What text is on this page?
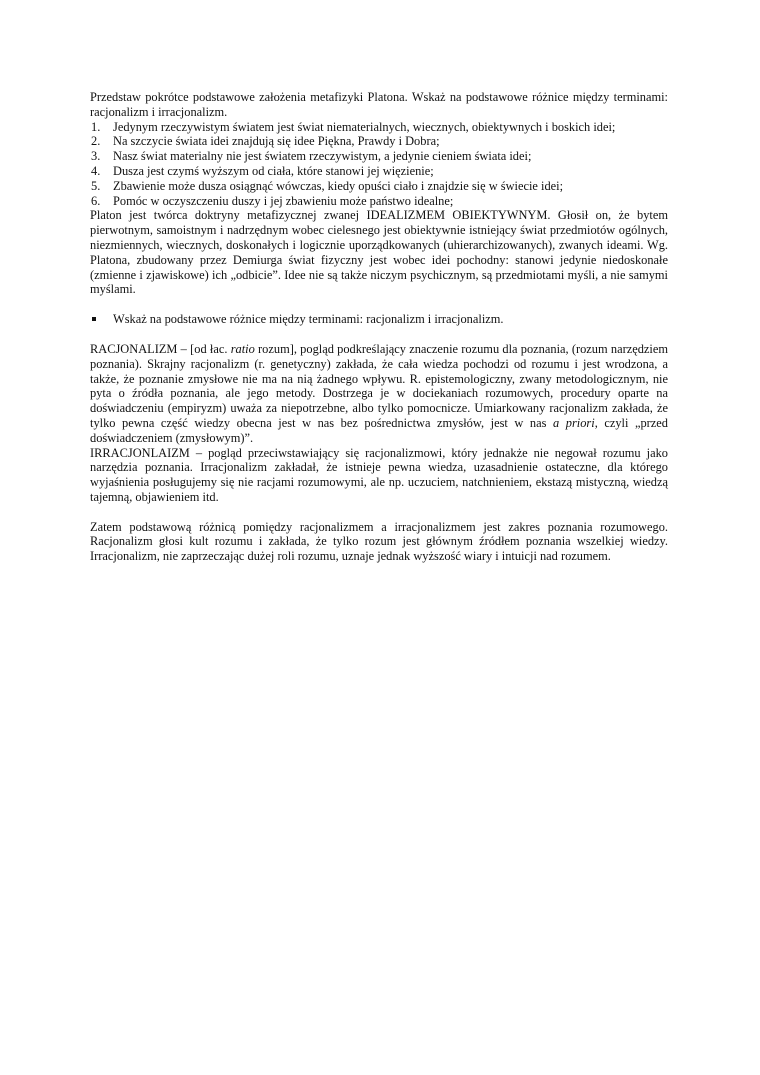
Przedstaw pokrótce podstawowe założenia metafizyki Platona. Wskaż na podstawowe różnice między terminami: racjonalizm i irracjonalizm.

1. Jedynym rzeczywistym światem jest świat niematerialnych, wiecznych, obiektywnych i boskich idei;
2. Na szczycie świata idei znajdują się idee Piękna, Prawdy i Dobra;
3. Nasz świat materialny nie jest światem rzeczywistym, a jedynie cieniem świata idei;
4. Dusza jest czymś wyższym od ciała, które stanowi jej więzienie;
5. Zbawienie może dusza osiągnąć wówczas, kiedy opuści ciało i znajdzie się w świecie idei;
6. Pomóc w oczyszczeniu duszy i jej zbawieniu może państwo idealne;

Platon jest twórca doktryny metafizycznej zwanej IDEALIZMEM OBIEKTYWNYM. Głosił on, że bytem pierwotnym, samoistnym i nadrzędnym wobec cielesnego jest obiektywnie istniejący świat przedmiotów ogólnych, niezmiennych, wiecznych, doskonałych i logicznie uporządkowanych (uhierarchizowanych), zwanych ideami. Wg. Platona, zbudowany przez Demiurga świat fizyczny jest wobec idei pochodny: stanowi jedynie niedoskonałe (zmienne i zjawiskowe) ich „odbicie”. Idee nie są także niczym psychicznym, są przedmiotami myśli, a nie samymi myślami.

Wskaż na podstawowe różnice między terminami: racjonalizm i irracjonalizm.

RACJONALIZM – [od łac. ratio rozum], pogląd podkreślający znaczenie rozumu dla poznania, (rozum narzędziem poznania). Skrajny racjonalizm (r. genetyczny) zakłada, że cała wiedza pochodzi od rozumu i jest wrodzona, a także, że poznanie zmysłowe nie ma na nią żadnego wpływu. R. epistemologiczny, zwany metodologicznym, nie pyta o źródła poznania, ale jego metody. Dostrzega je w dociekaniach rozumowych, procedury oparte na doświadczeniu (empiryzm) uważa za niepotrzebne, albo tylko pomocnicze. Umiarkowany racjonalizm zakłada, że tylko pewna część wiedzy obecna jest w nas bez pośrednictwa zmysłów, jest w nas a priori, czyli „przed doświadczeniem (zmysłowym)”.

IRRACJONLAIZM – pogląd przeciwstawiający się racjonalizmowi, który jednakże nie negował rozumu jako narzędzia poznania. Irracjonalizm zakładał, że istnieje pewna wiedza, uzasadnienie ostateczne, dla którego wyjaśnienia posługujemy się nie racjami rozumowymi, ale np. uczuciem, natchnieniem, ekstazą mistyczną, wiedzą tajemną, objawieniem itd.

Zatem podstawową różnicą pomiędzy racjonalizmem a irracjonalizmem jest zakres poznania rozumowego. Racjonalizm głosi kult rozumu i zakłada, że tylko rozum jest głównym źródłem poznania wszelkiej wiedzy. Irracjonalizm, nie zaprzeczając dużej roli rozumu, uznaje jednak wyższość wiary i intuicji nad rozumem.
